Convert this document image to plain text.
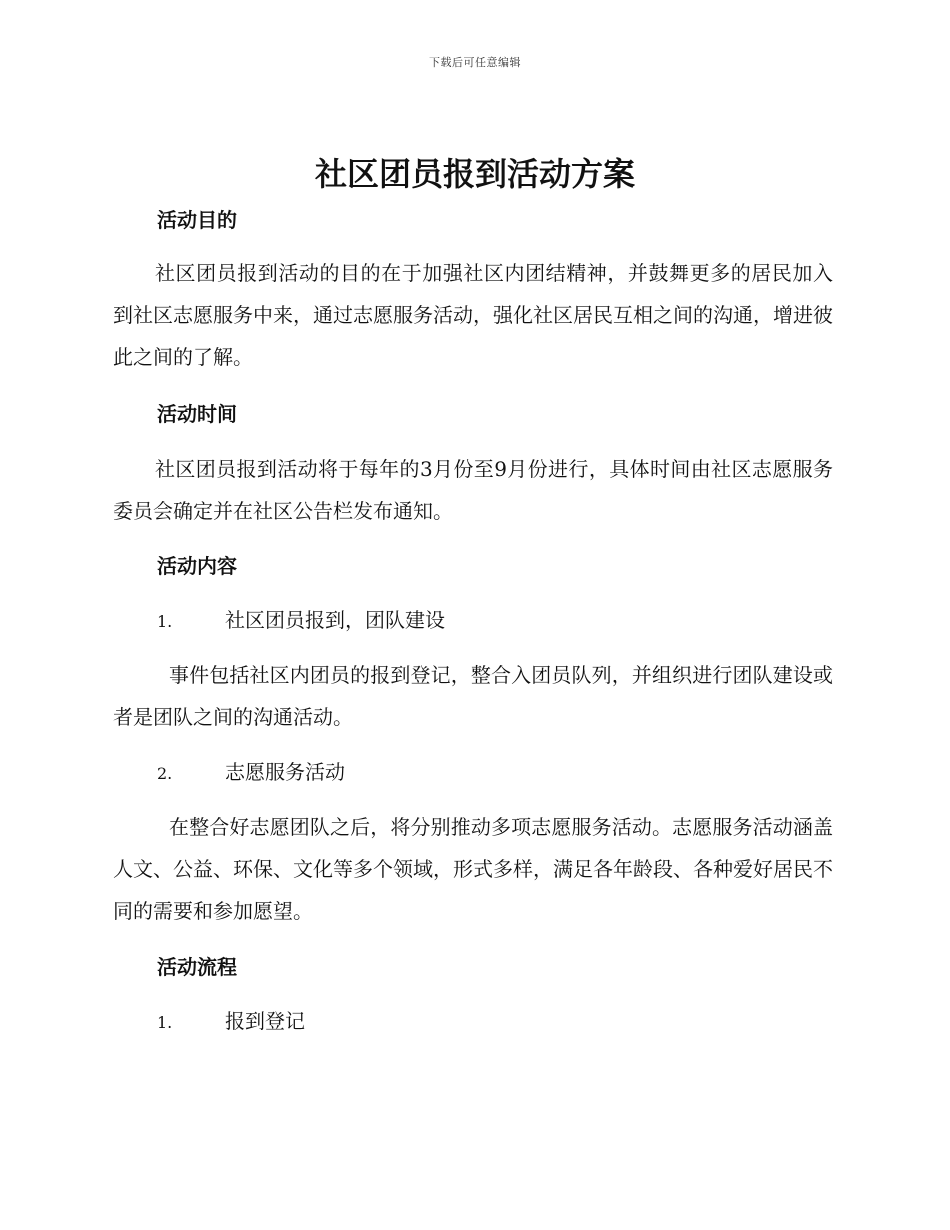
下载后可任意编辑
社区团员报到活动方案
活动目的

社区团员报到活动的目的在于加强社区内团结精神，并鼓舞更多的居民加入到社区志愿服务中来，通过志愿服务活动，强化社区居民互相之间的沟通，增进彼此之间的了解。

活动时间

社区团员报到活动将于每年的3月份至9月份进行，具体时间由社区志愿服务委员会确定并在社区公告栏发布通知。

活动内容
1.	社区团员报到，团队建设

事件包括社区内团员的报到登记，整合入团员队列，并组织进行团队建设或者是团队之间的沟通活动。

2.	志愿服务活动

在整合好志愿团队之后，将分别推动多项志愿服务活动。志愿服务活动涵盖人文、公益、环保、文化等多个领域，形式多样，满足各年龄段、各种爱好居民不同的需要和参加愿望。

活动流程
1.	报到登记
